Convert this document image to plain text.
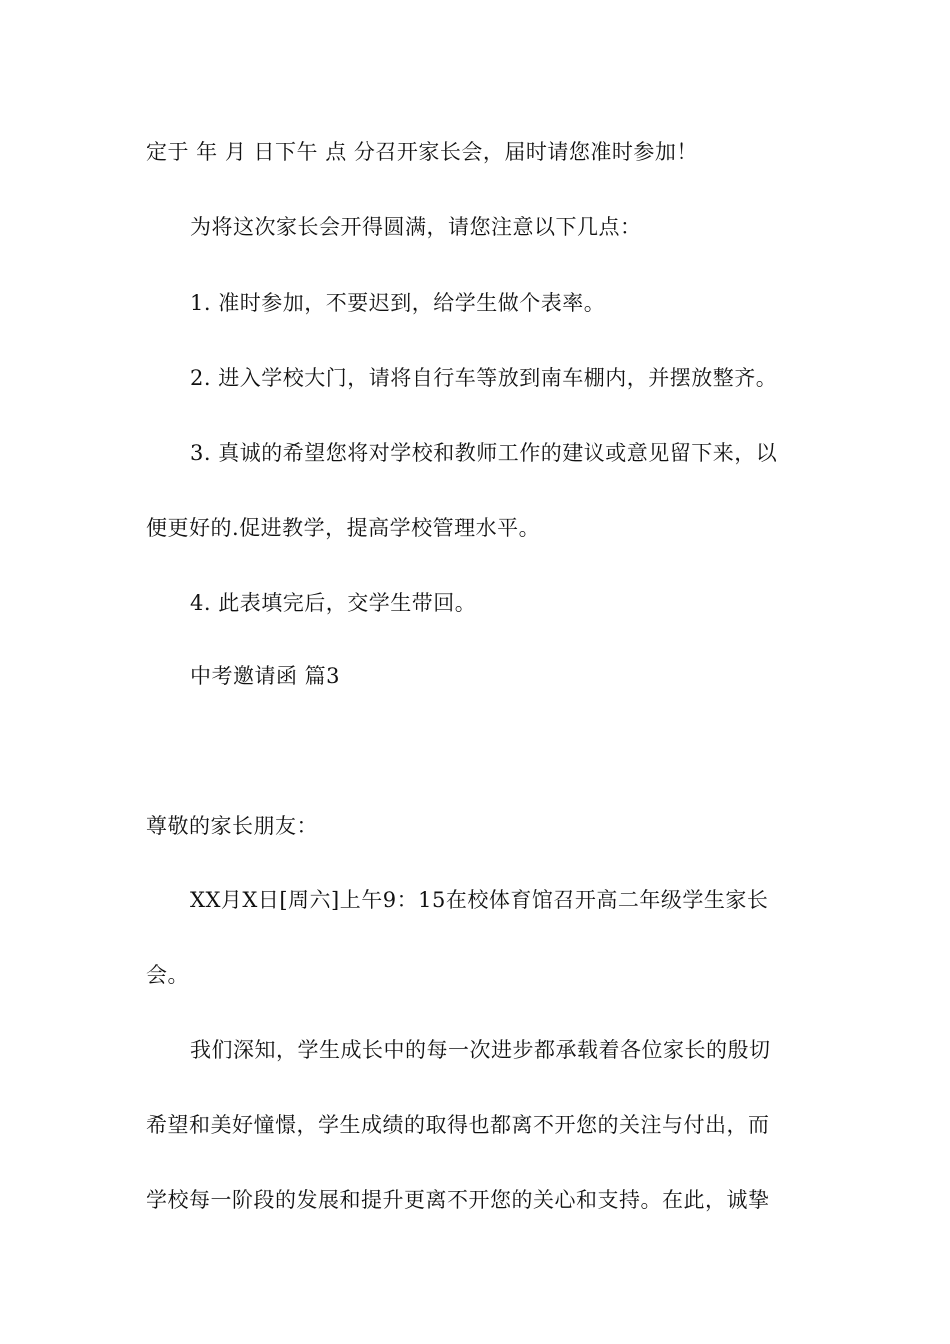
定于 年 月 日下午 点 分召开家长会，届时请您准时参加！
为将这次家长会开得圆满，请您注意以下几点：
1. 准时参加，不要迟到，给学生做个表率。
2. 进入学校大门，请将自行车等放到南车棚内，并摆放整齐。
3. 真诚的希望您将对学校和教师工作的建议或意见留下来，以
便更好的.促进教学，提高学校管理水平。
4. 此表填完后，交学生带回。
中考邀请函 篇3
尊敬的家长朋友：
XX月X日[周六]上午9：15在校体育馆召开高二年级学生家长
会。
我们深知，学生成长中的每一次进步都承载着各位家长的殷切
希望和美好憧憬，学生成绩的取得也都离不开您的关注与付出，而
学校每一阶段的发展和提升更离不开您的关心和支持。在此，诚挚
